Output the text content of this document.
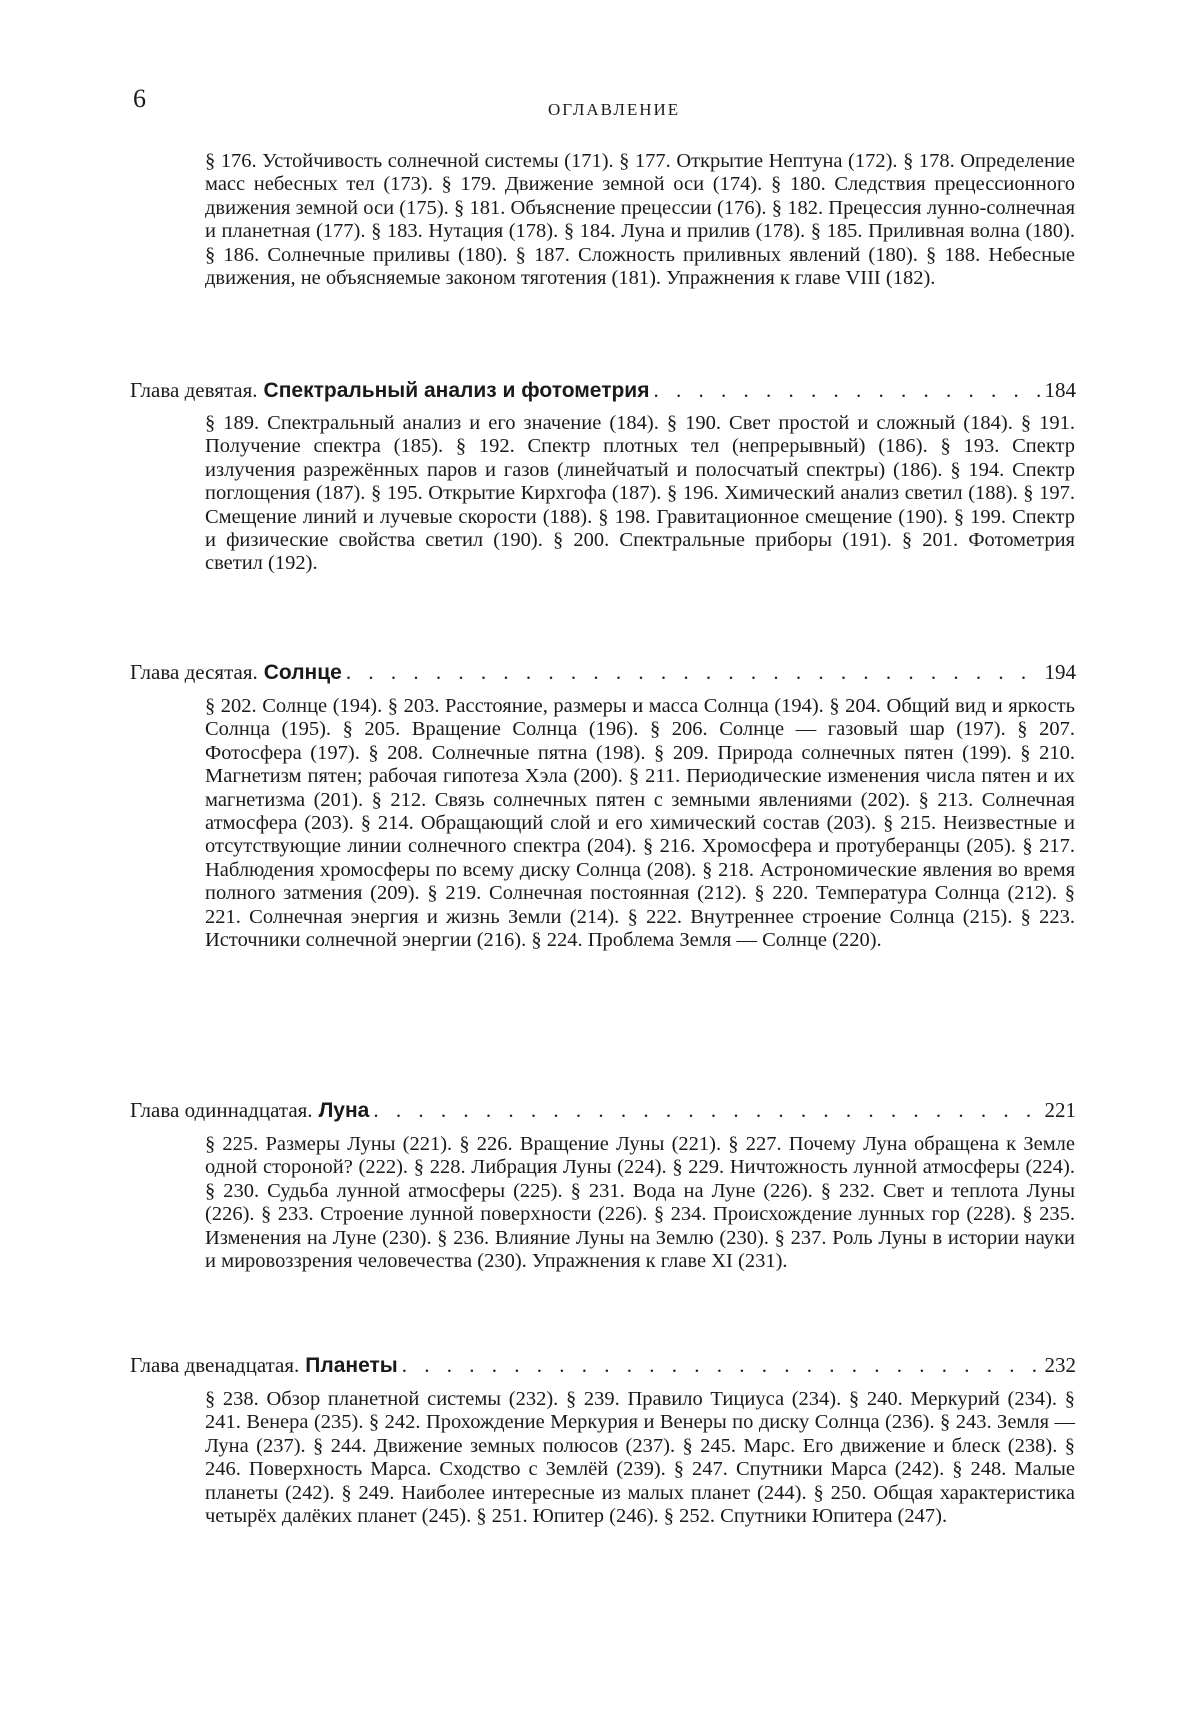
6	ОГЛАВЛЕНИЕ
§ 176. Устойчивость солнечной системы (171). § 177. Открытие Нептуна (172). § 178. Определение масс небесных тел (173). § 179. Движение земной оси (174). § 180. Следствия прецессионного движения земной оси (175). § 181. Объяснение прецессии (176). § 182. Прецессия лунно-солнечная и планетная (177). § 183. Нутация (178). § 184. Луна и прилив (178). § 185. Приливная волна (180). § 186. Солнечные приливы (180). § 187. Сложность приливных явлений (180). § 188. Небесные движения, не объясняемые законом тяготения (181). Упражнения к главе VIII (182).
Глава девятая. Спектральный анализ и фотометрия . . .	184
§ 189. Спектральный анализ и его значение (184). § 190. Свет простой и сложный (184). § 191. Получение спектра (185). § 192. Спектр плотных тел (непрерывный) (186). § 193. Спектр излучения разрежённых паров и газов (линейчатый и полосчатый спектры) (186). § 194. Спектр поглощения (187). § 195. Открытие Кирхгофа (187). § 196. Химический анализ светил (188). § 197. Смещение линий и лучевые скорости (188). § 198. Гравитационное смещение (190). § 199. Спектр и физические свойства светил (190). § 200. Спектральные приборы (191). § 201. Фотометрия светил (192).
Глава десятая. Солнце . . .	194
§ 202. Солнце (194). § 203. Расстояние, размеры и масса Солнца (194). § 204. Общий вид и яркость Солнца (195). § 205. Вращение Солнца (196). § 206. Солнце — газовый шар (197). § 207. Фотосфера (197). § 208. Солнечные пятна (198). § 209. Природа солнечных пятен (199). § 210. Магнетизм пятен; рабочая гипотеза Хэла (200). § 211. Периодические изменения числа пятен и их магнетизма (201). § 212. Связь солнечных пятен с земными явлениями (202). § 213. Солнечная атмосфера (203). § 214. Обращающий слой и его химический состав (203). § 215. Неизвестные и отсутствующие линии солнечного спектра (204). § 216. Хромосфера и протуберанцы (205). § 217. Наблюдения хромосферы по всему диску Солнца (208). § 218. Астрономические явления во время полного затмения (209). § 219. Солнечная постоянная (212). § 220. Температура Солнца (212). § 221. Солнечная энергия и жизнь Земли (214). § 222. Внутреннее строение Солнца (215). § 223. Источники солнечной энергии (216). § 224. Проблема Земля — Солнце (220).
Глава одиннадцатая. Луна . . .	221
§ 225. Размеры Луны (221). § 226. Вращение Луны (221). § 227. Почему Луна обращена к Земле одной стороной? (222). § 228. Либрация Луны (224). § 229. Ничтожность лунной атмосферы (224). § 230. Судьба лунной атмосферы (225). § 231. Вода на Луне (226). § 232. Свет и теплота Луны (226). § 233. Строение лунной поверхности (226). § 234. Происхождение лунных гор (228). § 235. Изменения на Луне (230). § 236. Влияние Луны на Землю (230). § 237. Роль Луны в истории науки и мировоззрения человечества (230). Упражнения к главе XI (231).
Глава двенадцатая. Планеты . . .	232
§ 238. Обзор планетной системы (232). § 239. Правило Тициуса (234). § 240. Меркурий (234). § 241. Венера (235). § 242. Прохождение Меркурия и Венеры по диску Солнца (236). § 243. Земля — Луна (237). § 244. Движение земных полюсов (237). § 245. Марс. Его движение и блеск (238). § 246. Поверхность Марса. Сходство с Землёй (239). § 247. Спутники Марса (242). § 248. Малые планеты (242). § 249. Наиболее интересные из малых планет (244). § 250. Общая характеристика четырёх далёких планет (245). § 251. Юпитер (246). § 252. Спутники Юпитера (247).
